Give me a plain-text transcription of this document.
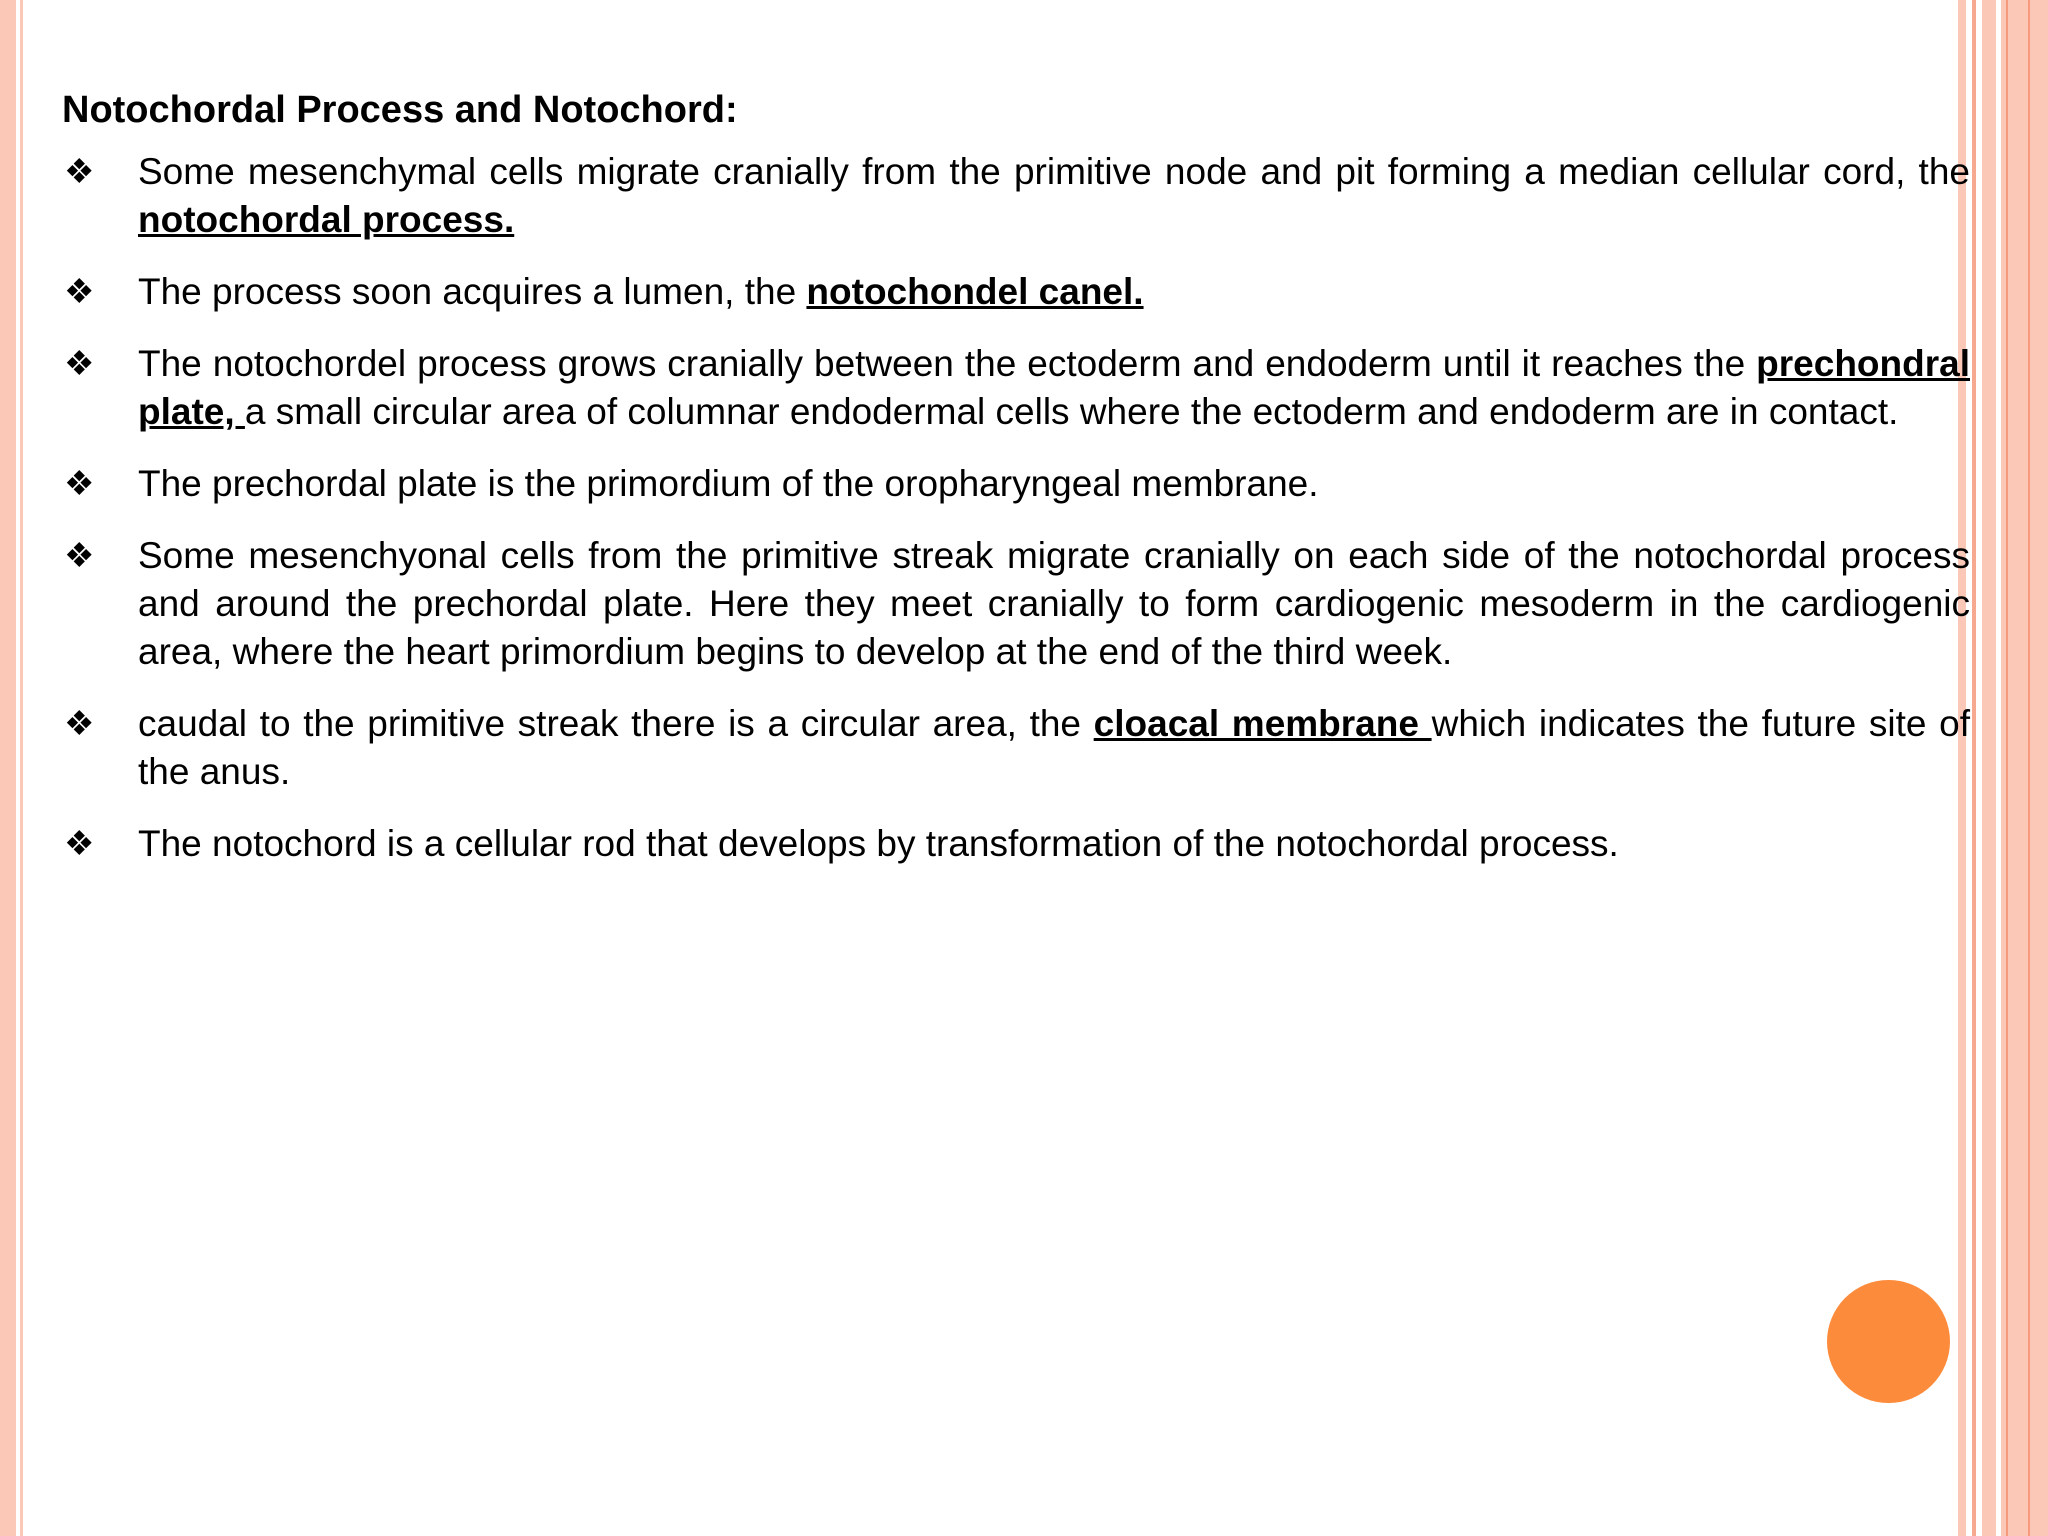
Notochordal Process and Notochord:
❖ Some mesenchymal cells migrate cranially from the primitive node and pit forming a median cellular cord, the notochordal process.
❖ The process soon acquires a lumen, the notochondel canel.
❖ The notochordel process grows cranially between the ectoderm and endoderm until it reaches the prechondral plate, a small circular area of columnar endodermal cells where the ectoderm and endoderm are in contact.
❖ The prechordal plate is the primordium of the oropharyngeal membrane.
❖ Some mesenchyonal cells from the primitive streak migrate cranially on each side of the notochordal process and around the prechordal plate. Here they meet cranially to form cardiogenic mesoderm in the cardiogenic area, where the heart primordium begins to develop at the end of the third week.
❖ caudal to the primitive streak there is a circular area, the cloacal membrane which indicates the future site of the anus.
❖ The notochord is a cellular rod that develops by transformation of the notochordal process.
